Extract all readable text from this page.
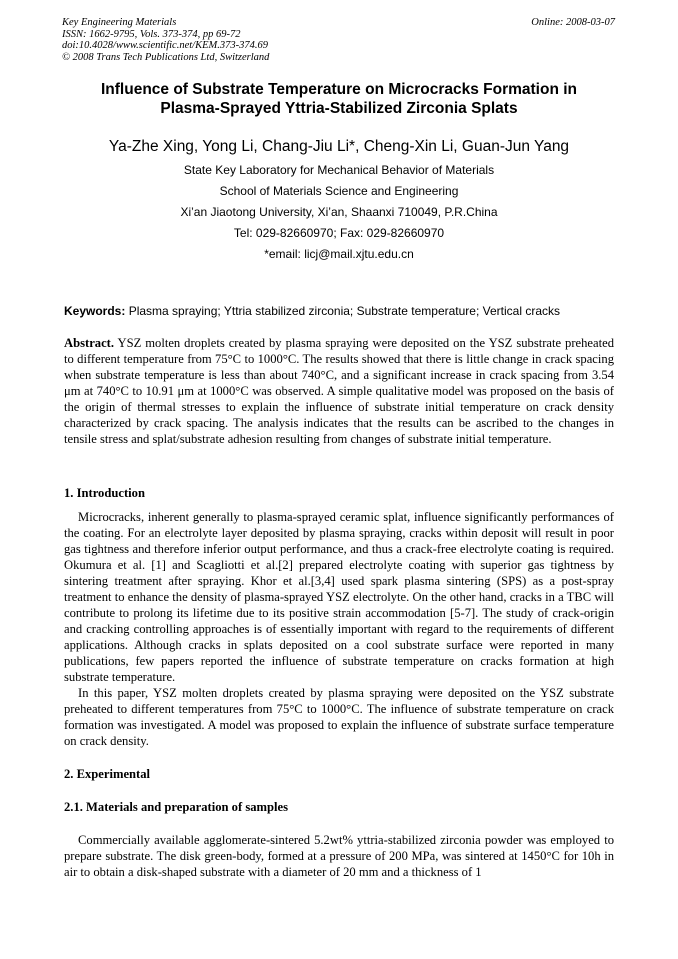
Key Engineering Materials
ISSN: 1662-9795, Vols. 373-374, pp 69-72
doi:10.4028/www.scientific.net/KEM.373-374.69
© 2008 Trans Tech Publications Ltd, Switzerland
Online: 2008-03-07
Influence of Substrate Temperature on Microcracks Formation in
Plasma-Sprayed Yttria-Stabilized Zirconia Splats
Ya-Zhe Xing, Yong Li, Chang-Jiu Li*, Cheng-Xin Li, Guan-Jun Yang
State Key Laboratory for Mechanical Behavior of Materials
School of Materials Science and Engineering
Xi’an Jiaotong University, Xi’an, Shaanxi 710049, P.R.China
Tel: 029-82660970; Fax: 029-82660970
*email: licj@mail.xjtu.edu.cn
Keywords: Plasma spraying; Yttria stabilized zirconia; Substrate temperature; Vertical cracks
Abstract. YSZ molten droplets created by plasma spraying were deposited on the YSZ substrate preheated to different temperature from 75°C to 1000°C. The results showed that there is little change in crack spacing when substrate temperature is less than about 740°C, and a significant increase in crack spacing from 3.54 μm at 740°C to 10.91 μm at 1000°C was observed. A simple qualitative model was proposed on the basis of the origin of thermal stresses to explain the influence of substrate initial temperature on crack density characterized by crack spacing. The analysis indicates that the results can be ascribed to the changes in tensile stress and splat/substrate adhesion resulting from changes of substrate initial temperature.
1. Introduction

Microcracks, inherent generally to plasma-sprayed ceramic splat, influence significantly performances of the coating. For an electrolyte layer deposited by plasma spraying, cracks within deposit will result in poor gas tightness and therefore inferior output performance, and thus a crack-free electrolyte coating is required. Okumura et al. [1] and Scagliotti et al.[2] prepared electrolyte coating with superior gas tightness by sintering treatment after spraying. Khor et al.[3,4] used spark plasma sintering (SPS) as a post-spray treatment to enhance the density of plasma-sprayed YSZ electrolyte. On the other hand, cracks in a TBC will contribute to prolong its lifetime due to its positive strain accommodation [5-7]. The study of crack-origin and cracking controlling approaches is of essentially important with regard to the requirements of different applications. Although cracks in splats deposited on a cool substrate surface were reported in many publications, few papers reported the influence of substrate temperature on cracks formation at high substrate temperature.

In this paper, YSZ molten droplets created by plasma spraying were deposited on the YSZ substrate preheated to different temperatures from 75°C to 1000°C. The influence of substrate temperature on crack formation was investigated. A model was proposed to explain the influence of substrate surface temperature on crack density.

2. Experimental
2.1. Materials and preparation of samples

Commercially available agglomerate-sintered 5.2wt% yttria-stabilized zirconia powder was employed to prepare substrate. The disk green-body, formed at a pressure of 200 MPa, was sintered at 1450°C for 10h in air to obtain a disk-shaped substrate with a diameter of 20 mm and a thickness of 1
